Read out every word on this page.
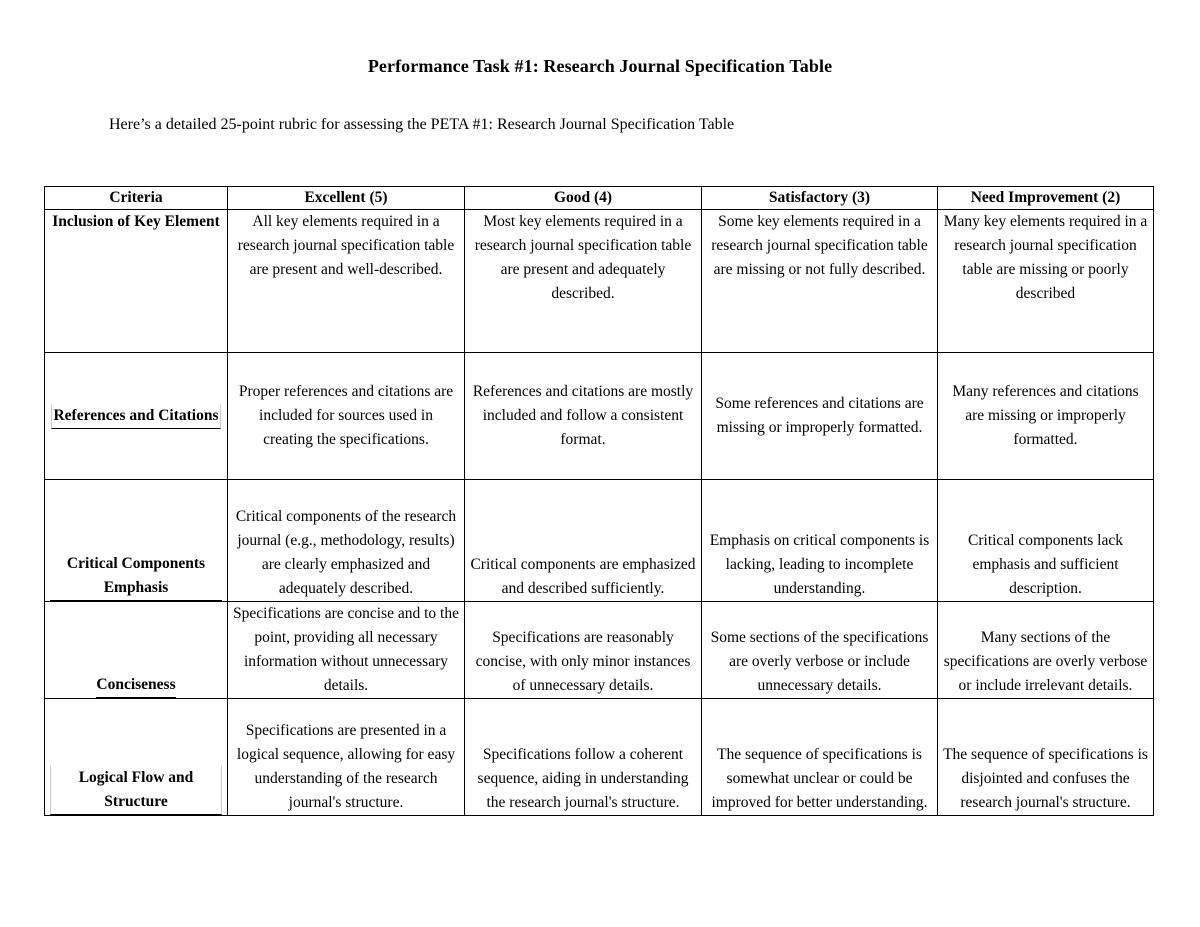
Performance Task #1: Research Journal Specification Table
Here’s a detailed 25-point rubric for assessing the PETA #1: Research Journal Specification Table
Criteria	Excellent (5)	Good (4)	Satisfactory (3)	Need Improvement (2)
Inclusion of Key Element	All key elements required in a research journal specification table are present and well-described.	Most key elements required in a research journal specification table are present and adequately described.	Some key elements required in a research journal specification table are missing or not fully described.	Many key elements required in a research journal specification table are missing or poorly described
References and Citations	Proper references and citations are included for sources used in creating the specifications.	References and citations are mostly included and follow a consistent format.	Some references and citations are missing or improperly formatted.	Many references and citations are missing or improperly formatted.
Critical Components Emphasis	Critical components of the research journal (e.g., methodology, results) are clearly emphasized and adequately described.	Critical components are emphasized and described sufficiently.	Emphasis on critical components is lacking, leading to incomplete understanding.	Critical components lack emphasis and sufficient description.
Conciseness	Specifications are concise and to the point, providing all necessary information without unnecessary details.	Specifications are reasonably concise, with only minor instances of unnecessary details.	Some sections of the specifications are overly verbose or include unnecessary details.	Many sections of the specifications are overly verbose or include irrelevant details.
Logical Flow and Structure	Specifications are presented in a logical sequence, allowing for easy understanding of the research journal's structure.	Specifications follow a coherent sequence, aiding in understanding the research journal's structure.	The sequence of specifications is somewhat unclear or could be improved for better understanding.	The sequence of specifications is disjointed and confuses the research journal's structure.
